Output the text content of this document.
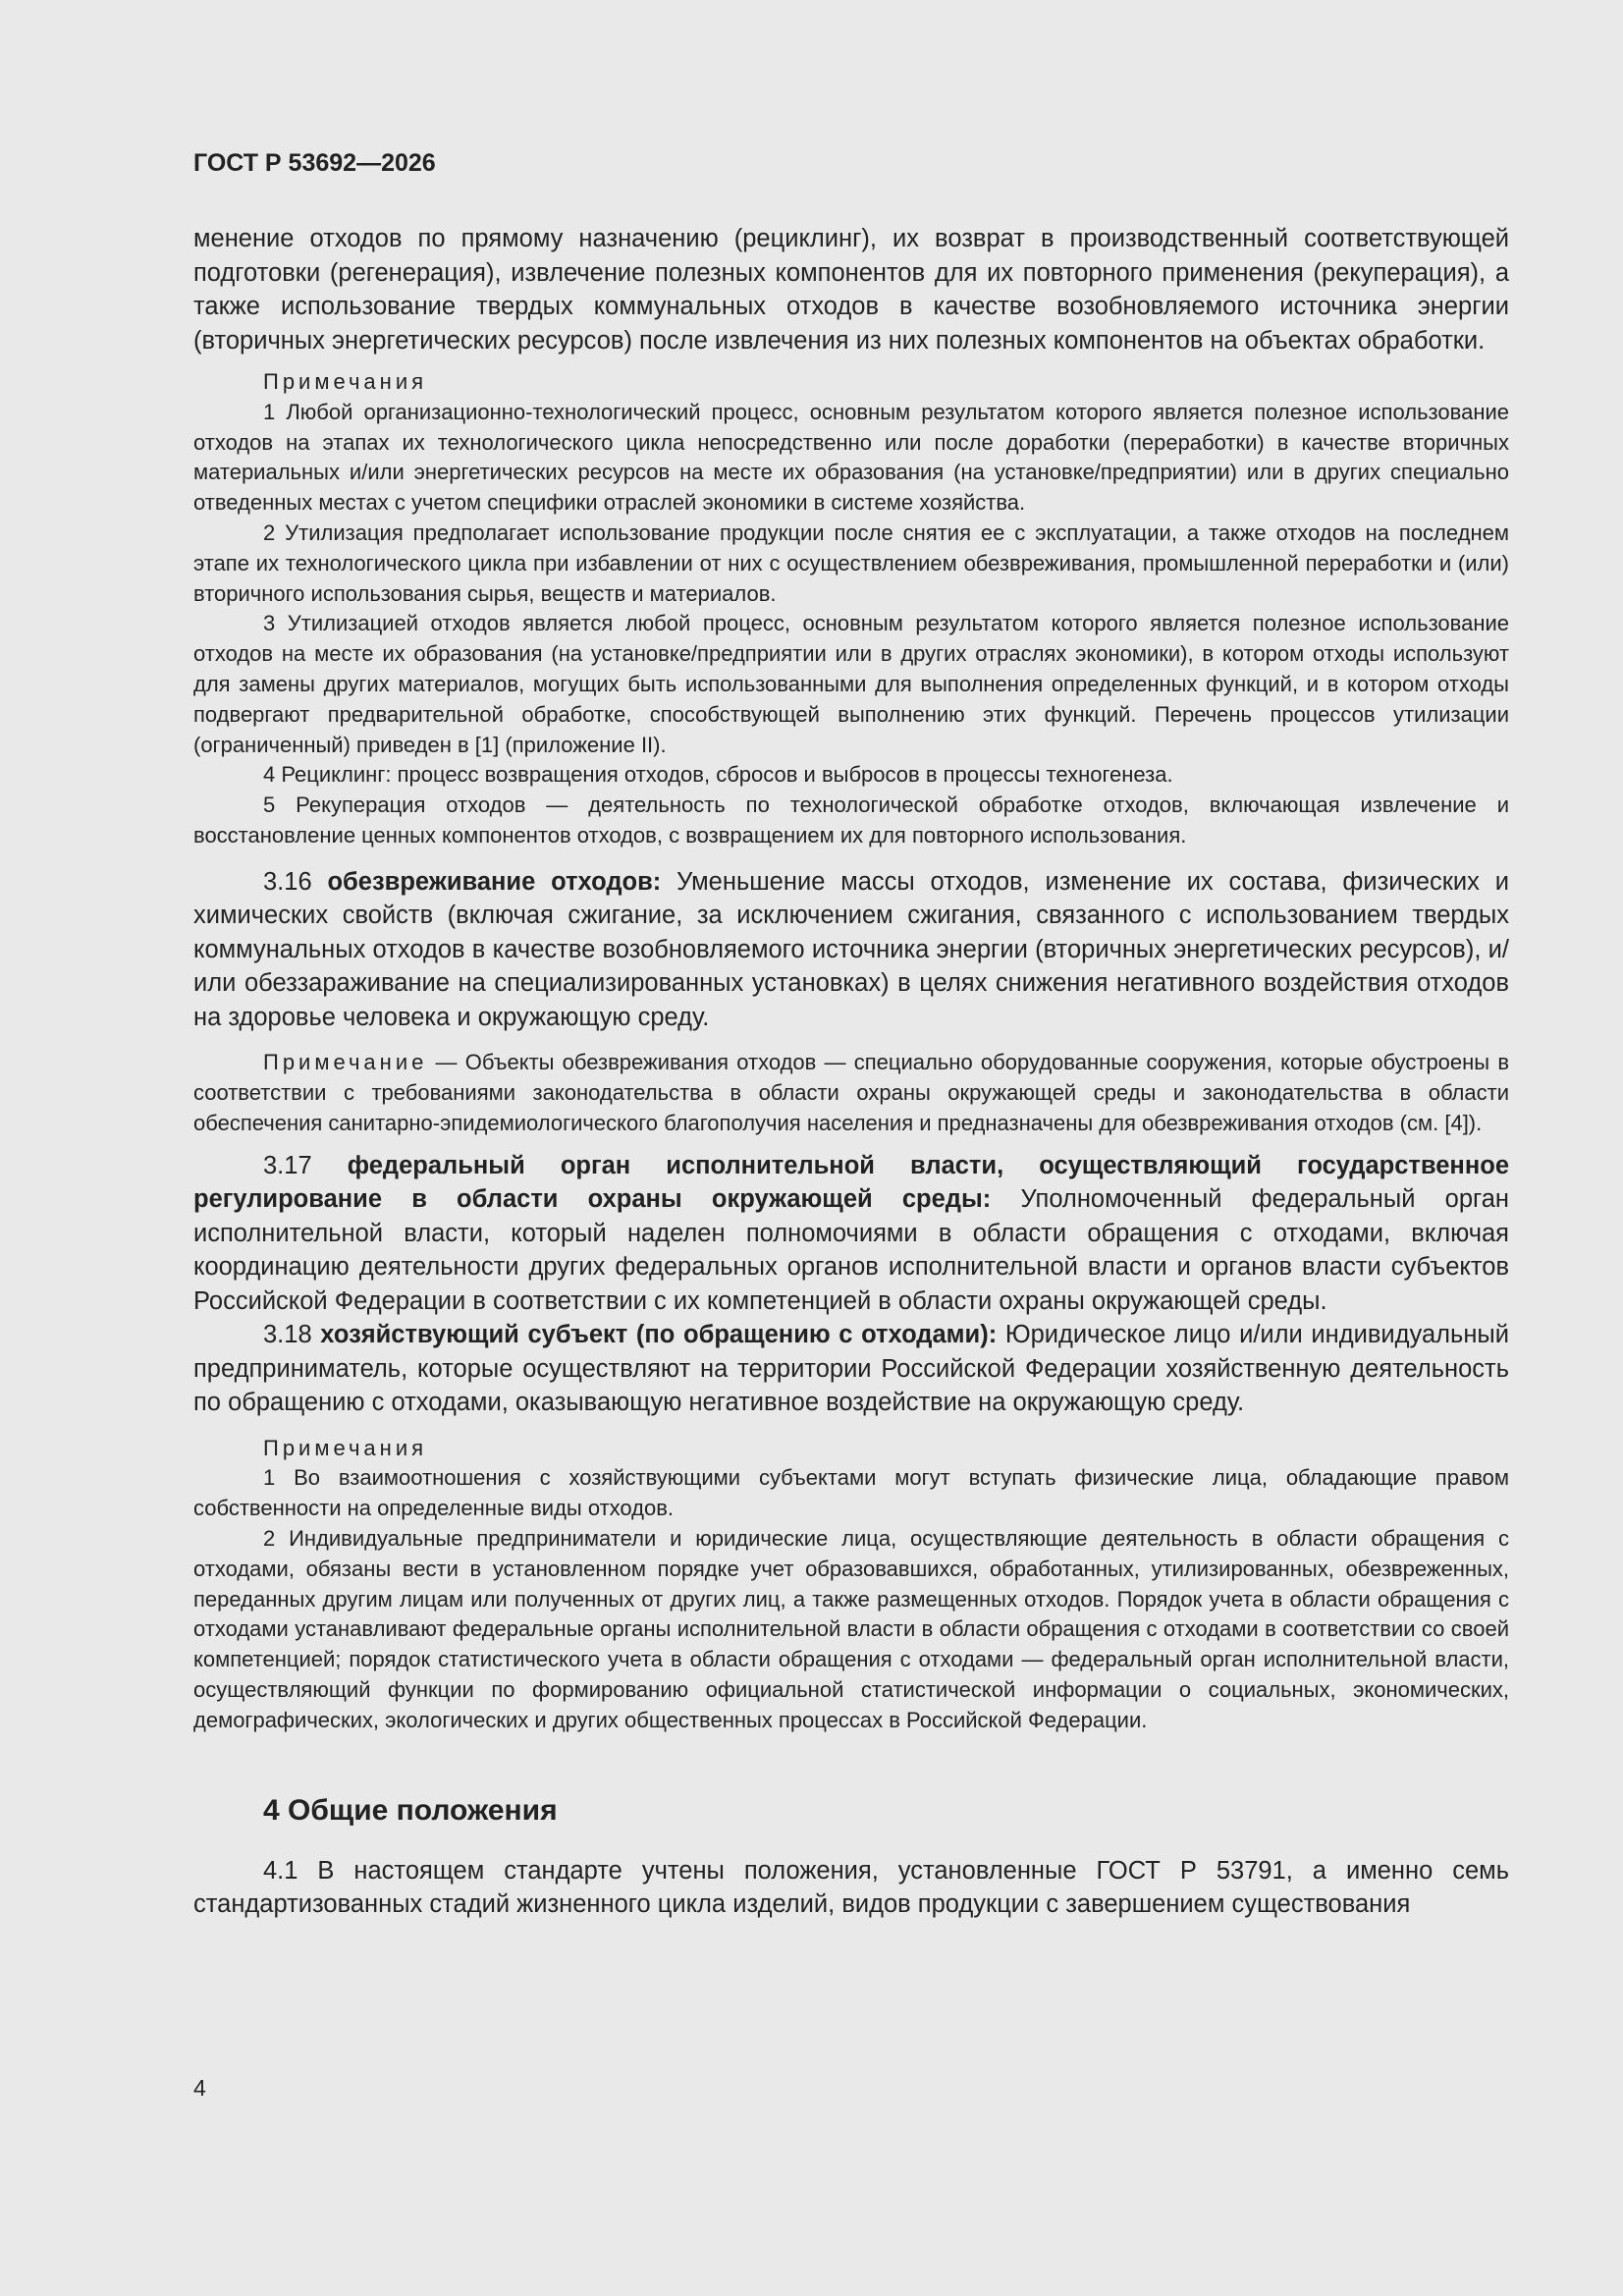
ГОСТ Р 53692—2026

менение отходов по прямому назначению (рециклинг), их возврат в производственный соответствующей подготовки (регенерация), извлечение полезных компонентов для их повторного применения (рекуперация), а также использование твердых коммунальных отходов в качестве возобновляемого источника энергии (вторичных энергетических ресурсов) после извлечения из них полезных компонентов на объектах обработки.

Примечания

1 Любой организационно-технологический процесс, основным результатом которого является полезное использование отходов на этапах их технологического цикла непосредственно или после доработки (переработки) в качестве вторичных материальных и/или энергетических ресурсов на месте их образования (на установке/предприятии) или в других специально отведенных местах с учетом специфики отраслей экономики в системе хозяйства.

2 Утилизация предполагает использование продукции после снятия ее с эксплуатации, а также отходов на последнем этапе их технологического цикла при избавлении от них с осуществлением обезвреживания, промышленной переработки и (или) вторичного использования сырья, веществ и материалов.

3 Утилизацией отходов является любой процесс, основным результатом которого является полезное использование отходов на месте их образования (на установке/предприятии или в других отраслях экономики), в котором отходы используют для замены других материалов, могущих быть использованными для выполнения определенных функций, и в котором отходы подвергают предварительной обработке, способствующей выполнению этих функций. Перечень процессов утилизации (ограниченный) приведен в [1] (приложение II).

4 Рециклинг: процесс возвращения отходов, сбросов и выбросов в процессы техногенеза.

5 Рекуперация отходов — деятельность по технологической обработке отходов, включающая извлечение и восстановление ценных компонентов отходов, с возвращением их для повторного использования.

3.16 обезвреживание отходов: Уменьшение массы отходов, изменение их состава, физических и химических свойств (включая сжигание, за исключением сжигания, связанного с использованием твердых коммунальных отходов в качестве возобновляемого источника энергии (вторичных энергетических ресурсов), и/или обеззараживание на специализированных установках) в целях снижения негативного воздействия отходов на здоровье человека и окружающую среду.

Примечание — Объекты обезвреживания отходов — специально оборудованные сооружения, которые обустроены в соответствии с требованиями законодательства в области охраны окружающей среды и законодательства в области обеспечения санитарно-эпидемиологического благополучия населения и предназначены для обезвреживания отходов (см. [4]).

3.17 федеральный орган исполнительной власти, осуществляющий государственное регулирование в области охраны окружающей среды: Уполномоченный федеральный орган исполнительной власти, который наделен полномочиями в области обращения с отходами, включая координацию деятельности других федеральных органов исполнительной власти и органов власти субъектов Российской Федерации в соответствии с их компетенцией в области охраны окружающей среды.

3.18 хозяйствующий субъект (по обращению с отходами): Юридическое лицо и/или индивидуальный предприниматель, которые осуществляют на территории Российской Федерации хозяйственную деятельность по обращению с отходами, оказывающую негативное воздействие на окружающую среду.

Примечания

1 Во взаимоотношения с хозяйствующими субъектами могут вступать физические лица, обладающие правом собственности на определенные виды отходов.

2 Индивидуальные предприниматели и юридические лица, осуществляющие деятельность в области обращения с отходами, обязаны вести в установленном порядке учет образовавшихся, обработанных, утилизированных, обезвреженных, переданных другим лицам или полученных от других лиц, а также размещенных отходов. Порядок учета в области обращения с отходами устанавливают федеральные органы исполнительной власти в области обращения с отходами в соответствии со своей компетенцией; порядок статистического учета в области обращения с отходами — федеральный орган исполнительной власти, осуществляющий функции по формированию официальной статистической информации о социальных, экономических, демографических, экологических и других общественных процессах в Российской Федерации.

4 Общие положения

4.1 В настоящем стандарте учтены положения, установленные ГОСТ Р 53791, а именно семь стандартизованных стадий жизненного цикла изделий, видов продукции с завершением существования

4
